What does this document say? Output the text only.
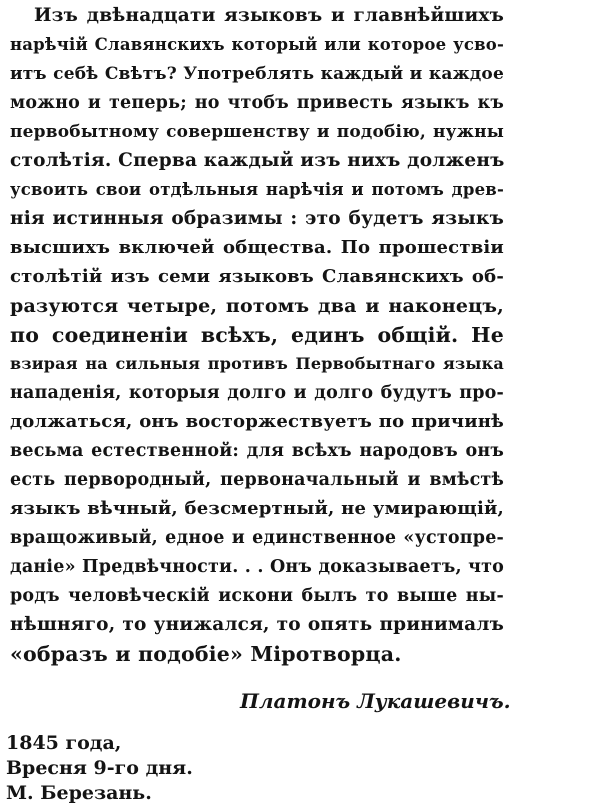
Изъ двѣнадцати языковъ и главнѣйшихъ
нарѣчій Славянскихъ который или которое усво-
итъ себѣ Свѣтъ? Употреблять каждый и каждое
можно и теперь; но чтобъ привесть языкъ къ
первобытному совершенству и подобію, нужны
столѣтія. Сперва каждый изъ нихъ долженъ
усвоить свои отдѣльныя нарѣчія и потомъ древ-
нія истинныя образимы : это будетъ языкъ
высшихъ включей общества. По прошествіи
столѣтій изъ семи языковъ Славянскихъ об-
разуются четыре, потомъ два и наконецъ,
по соединеніи всѣхъ, единъ общій. Не
взирая на сильныя противъ Первобытнаго языка
нападенія, которыя долго и долго будутъ про-
должаться, онъ восторжествуетъ по причинѣ
весьма естественной: для всѣхъ народовъ онъ
есть первородный, первоначальный и вмѣстѣ
языкъ вѣчный, безсмертный, не умирающій,
вращоживый, едное и единственное «устопре-
даніе» Предвѣчности. . . Онъ доказываетъ, что
родъ человѣческій искони былъ то выше ны-
нѣшняго, то унижался, то опять принималъ
«образъ и подобіе» Міротворца.
Платонъ Лукашевичъ.
1845 года,
Вресня 9-го дня.
М. Березань.
